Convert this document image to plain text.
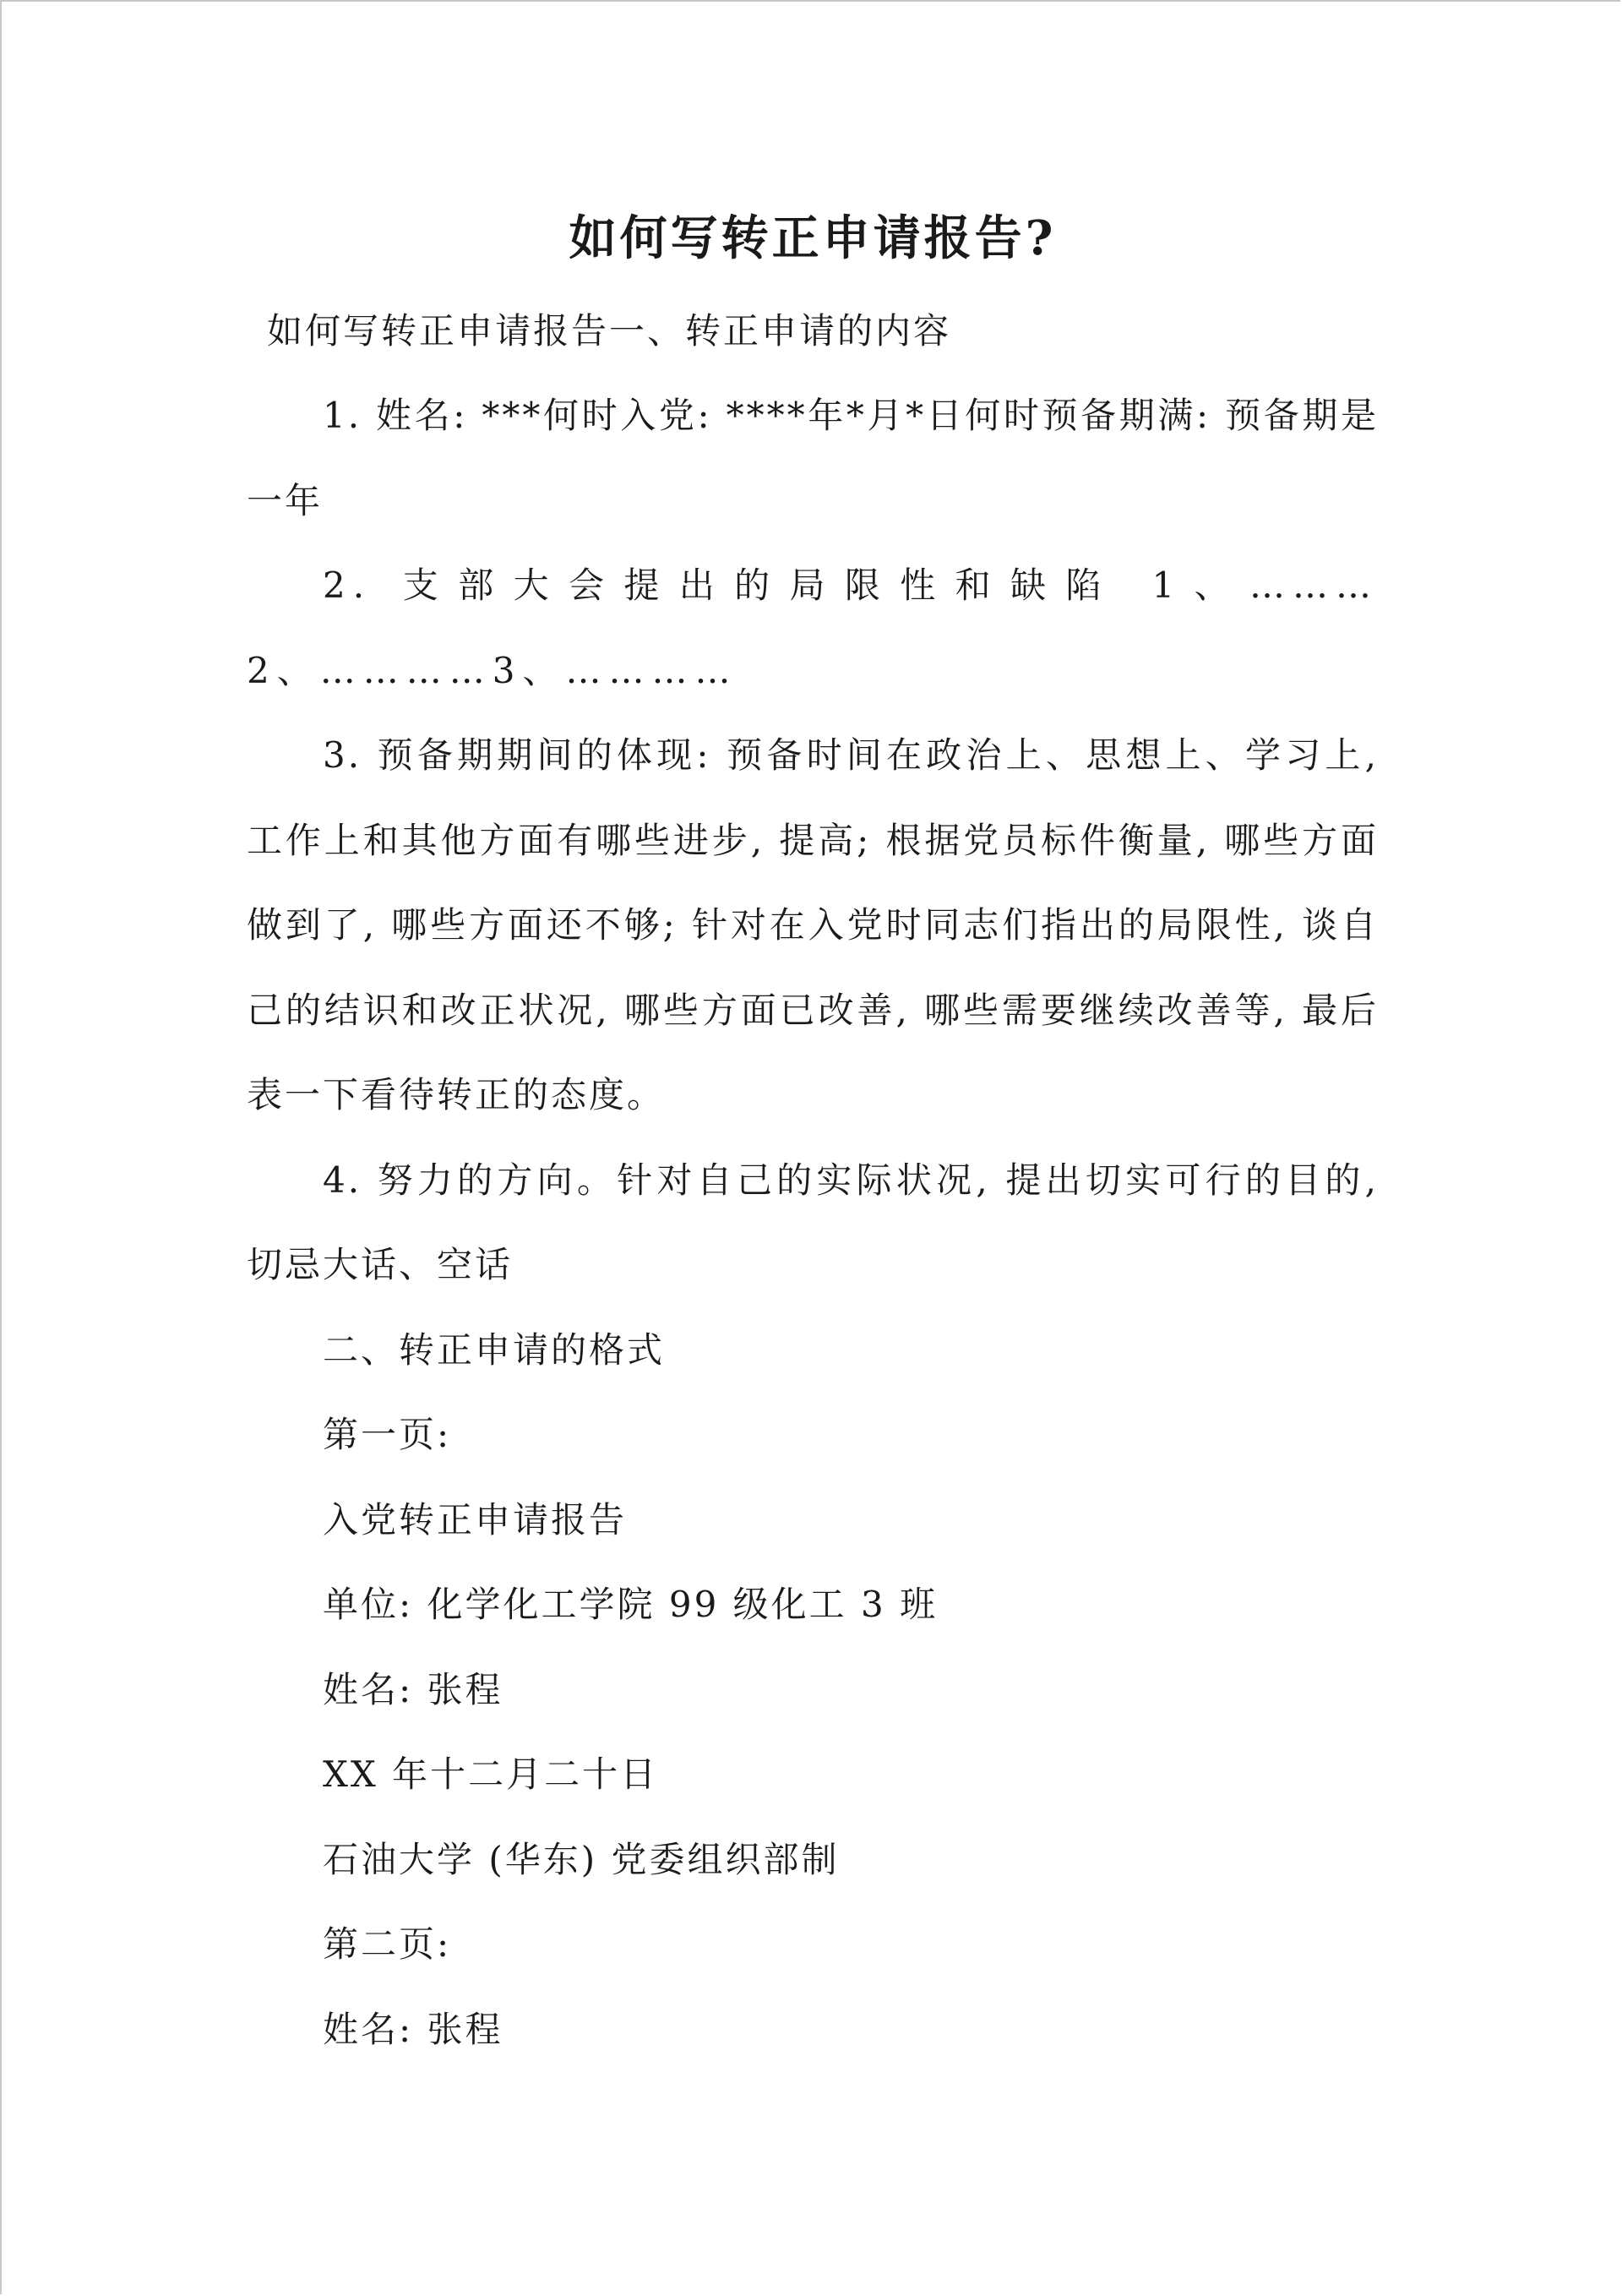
如何写转正申请报告?

如何写转正申请报告一、转正申请的内容

1. 姓名: ***何时入党: ****年*月*日何时预备期满: 预备期是一年

2. 支部大会提出的局限性和缺陷 1、………2、…………3、…………

3. 预备期期间的体现: 预备时间在政治上、思想上、学习上, 工作上和其他方面有哪些进步, 提高; 根据党员标件衡量, 哪些方面做到了, 哪些方面还不够; 针对在入党时同志们指出的局限性, 谈自己的结识和改正状况, 哪些方面已改善, 哪些需要继续改善等, 最后表一下看待转正的态度。

4. 努力的方向。针对自己的实际状况, 提出切实可行的目的, 切忌大话、空话

二、转正申请的格式

第一页:

入党转正申请报告

单位: 化学化工学院 99 级化工 3 班

姓名: 张程

XX 年十二月二十日

石油大学 (华东) 党委组织部制

第二页:

姓名: 张程
